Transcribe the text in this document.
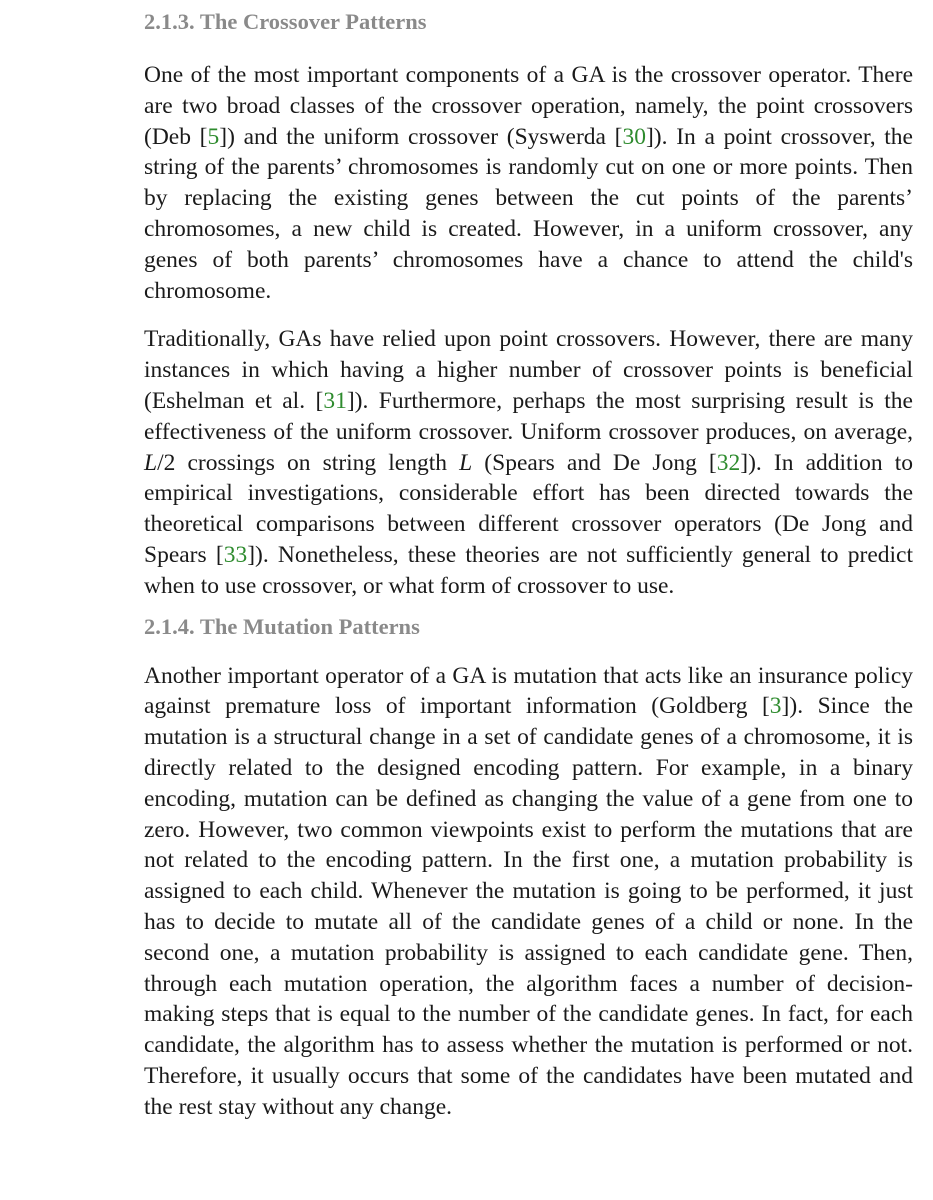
2.1.3. The Crossover Patterns

One of the most important components of a GA is the crossover operator. There are two broad classes of the crossover operation, namely, the point crossovers (Deb [5]) and the uniform crossover (Syswerda [30]). In a point crossover, the string of the parents’ chromosomes is randomly cut on one or more points. Then by replacing the existing genes between the cut points of the parents’ chromosomes, a new child is created. However, in a uniform crossover, any genes of both parents’ chromosomes have a chance to attend the child's chromosome.

Traditionally, GAs have relied upon point crossovers. However, there are many instances in which having a higher number of crossover points is beneficial (Eshelman et al. [31]). Furthermore, perhaps the most surprising result is the effectiveness of the uniform crossover. Uniform crossover produces, on average, L/2 crossings on string length L (Spears and De Jong [32]). In addition to empirical investigations, considerable effort has been directed towards the theoretical comparisons between different crossover operators (De Jong and Spears [33]). Nonetheless, these theories are not sufficiently general to predict when to use crossover, or what form of crossover to use.

2.1.4. The Mutation Patterns

Another important operator of a GA is mutation that acts like an insurance policy against premature loss of important information (Goldberg [3]). Since the mutation is a structural change in a set of candidate genes of a chromosome, it is directly related to the designed encoding pattern. For example, in a binary encoding, mutation can be defined as changing the value of a gene from one to zero. However, two common viewpoints exist to perform the mutations that are not related to the encoding pattern. In the first one, a mutation probability is assigned to each child. Whenever the mutation is going to be performed, it just has to decide to mutate all of the candidate genes of a child or none. In the second one, a mutation probability is assigned to each candidate gene. Then, through each mutation operation, the algorithm faces a number of decision-making steps that is equal to the number of the candidate genes. In fact, for each candidate, the algorithm has to assess whether the mutation is performed or not. Therefore, it usually occurs that some of the candidates have been mutated and the rest stay without any change.
